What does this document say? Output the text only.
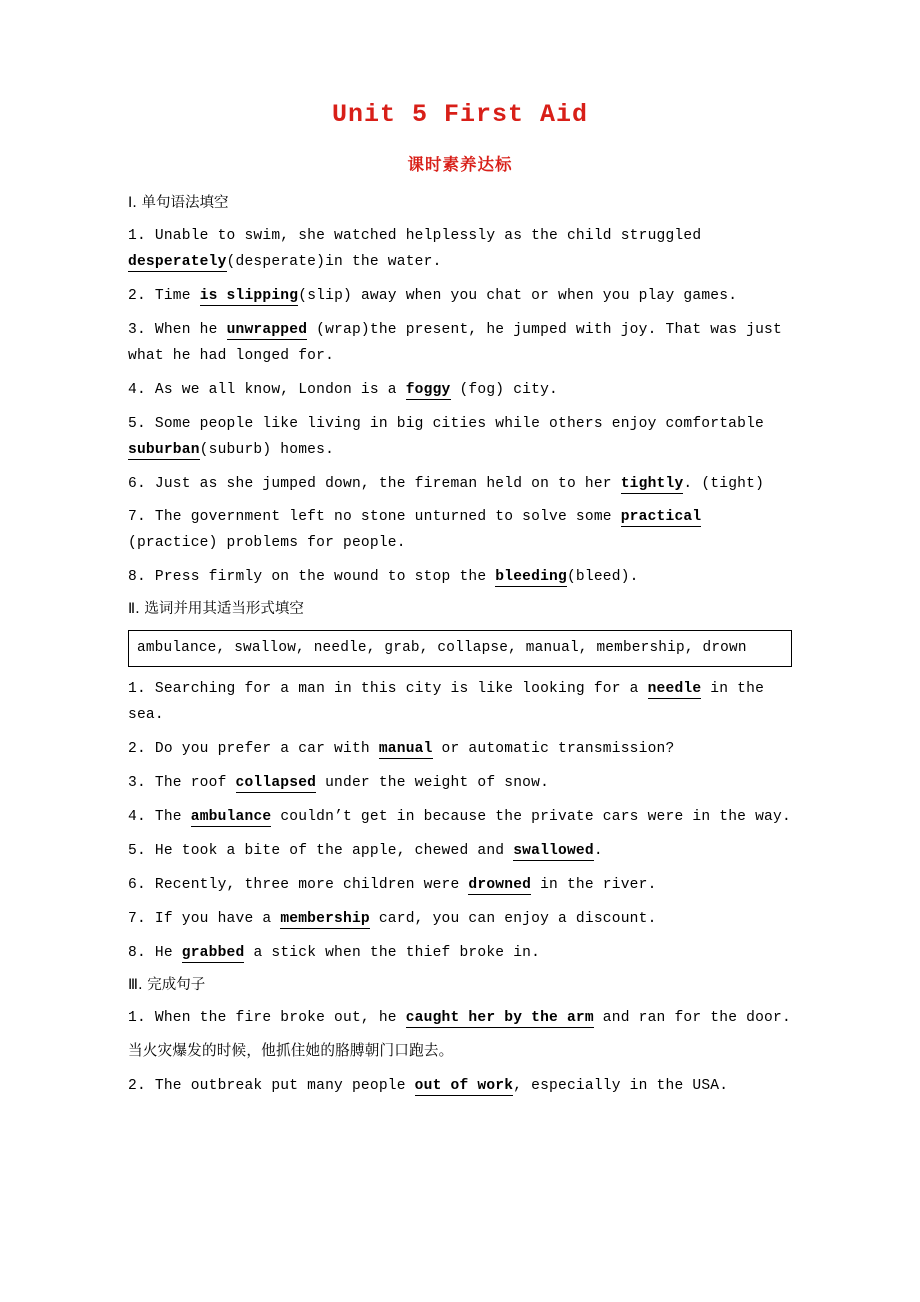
Unit 5 First Aid
课时素养达标
Ⅰ. 单句语法填空

1. Unable to swim, she watched helplessly as the child struggled desperately(desperate)in the water.

2. Time is slipping(slip) away when you chat or when you play games.

3. When he unwrapped (wrap)the present, he jumped with joy. That was just what he had longed for.

4. As we all know, London is a foggy (fog) city.

5. Some people like living in big cities while others enjoy comfortable suburban(suburb) homes.

6. Just as she jumped down, the fireman held on to her tightly. (tight)

7. The government left no stone unturned to solve some practical (practice) problems for people.

8. Press firmly on the wound to stop the bleeding(bleed).

Ⅱ. 选词并用其适当形式填空
ambulance, swallow, needle, grab, collapse, manual, membership, drown

1. Searching for a man in this city is like looking for a needle in the sea.

2. Do you prefer a car with manual or automatic transmission?

3. The roof collapsed under the weight of snow.

4. The ambulance couldn’t get in because the private cars were in the way.

5. He took a bite of the apple, chewed and swallowed.

6. Recently, three more children were drowned in the river.

7. If you have a membership card, you can enjoy a discount.

8. He grabbed a stick when the thief broke in.

Ⅲ. 完成句子

1. When the fire broke out, he caught her by the arm and ran for the door.

当火灾爆发的时候，他抓住她的胳膊朝门口跑去。

2. The outbreak put many people out of work, especially in the USA.
